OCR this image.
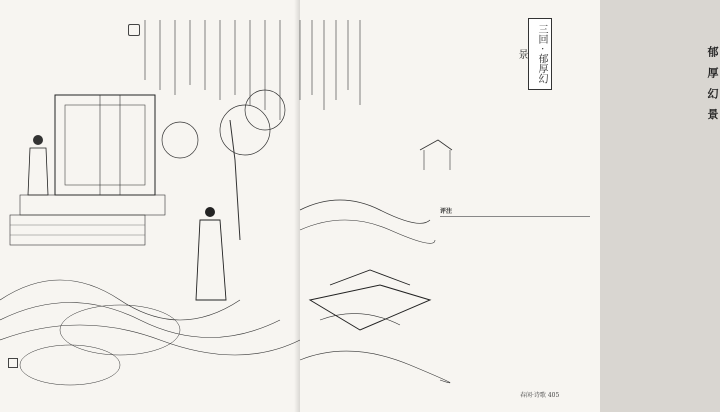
郁 厚 幻 景
三回 · 郁厚幻景
评注
春闲·诗歌 405
